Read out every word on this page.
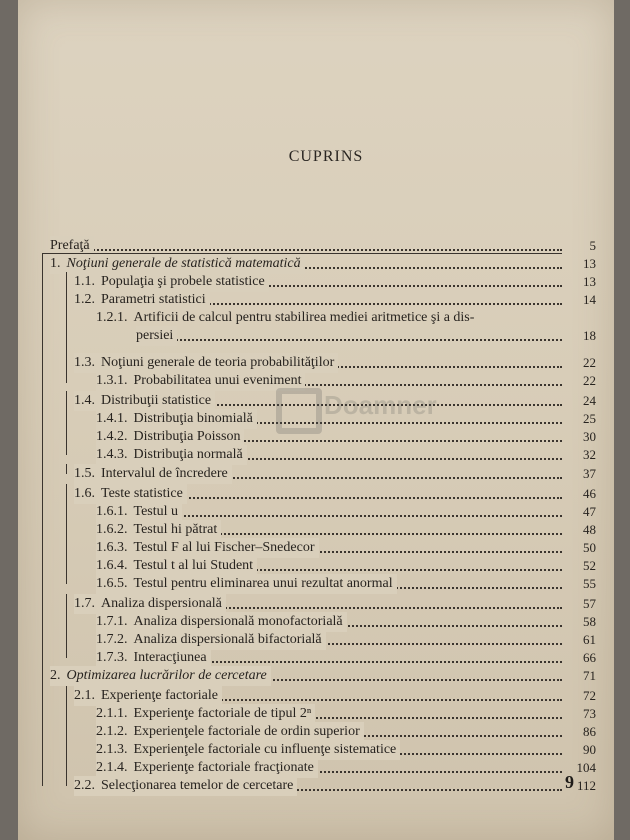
CUPRINS
Prefaţă	5
1. Noţiuni generale de statistică matematică	13
1.1. Populaţia şi probele statistice	13
1.2. Parametri statistici	14
1.2.1. Artificii de calcul pentru stabilirea mediei aritmetice şi a dis-
persiei	18
1.3. Noţiuni generale de teoria probabilităţilor	22
1.3.1. Probabilitatea unui eveniment	22
1.4. Distribuţii statistice	24
1.4.1. Distribuţia binomială	25
1.4.2. Distribuţia Poisson	30
1.4.3. Distribuţia normală	32
1.5. Intervalul de încredere	37
1.6. Teste statistice	46
1.6.1. Testul u	47
1.6.2. Testul hi pătrat	48
1.6.3. Testul F al lui Fischer–Snedecor	50
1.6.4. Testul t al lui Student	52
1.6.5. Testul pentru eliminarea unui rezultat anormal	55
1.7. Analiza dispersională	57
1.7.1. Analiza dispersională monofactorială	58
1.7.2. Analiza dispersională bifactorială	61
1.7.3. Interacţiunea	66
2. Optimizarea lucrărilor de cercetare	71
2.1. Experienţe factoriale	72
2.1.1. Experienţe factoriale de tipul 2ⁿ	73
2.1.2. Experienţele factoriale de ordin superior	86
2.1.3. Experienţele factoriale cu influenţe sistematice	90
2.1.4. Experienţe factoriale fracţionate	104
2.2. Selecţionarea temelor de cercetare	112
9
Doamner
